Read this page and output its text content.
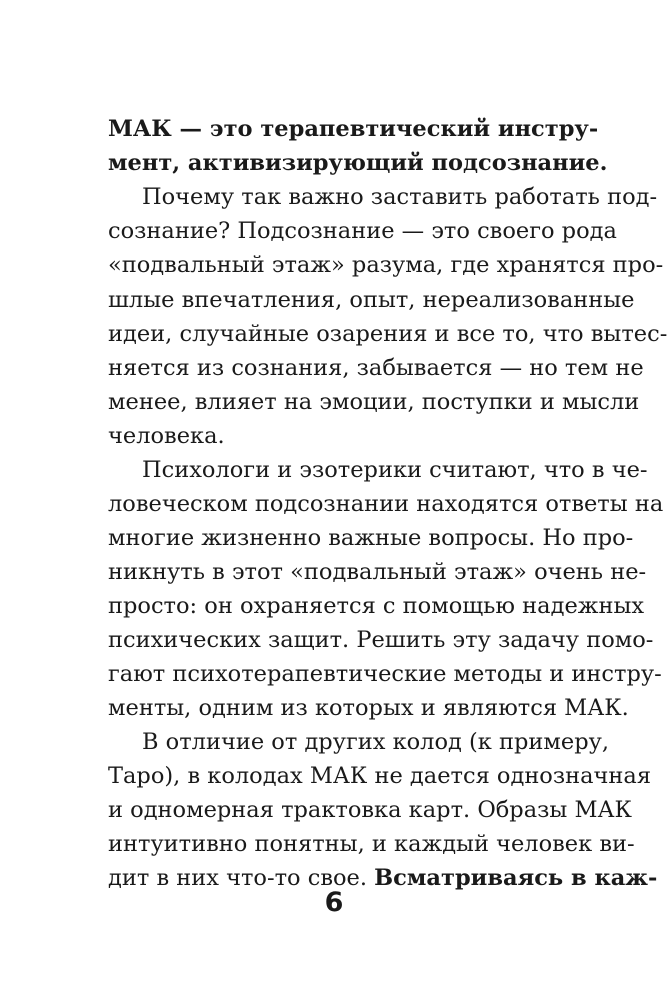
МАК — это терапевтический инстру-
мент, активизирующий подсознание.
Почему так важно заставить работать под-
сознание? Подсознание — это своего рода
«подвальный этаж» разума, где хранятся про-
шлые впечатления, опыт, нереализованные
идеи, случайные озарения и все то, что вытес-
няется из сознания, забывается — но тем не
менее, влияет на эмоции, поступки и мысли
человека.
Психологи и эзотерики считают, что в че-
ловеческом подсознании находятся ответы на
многие жизненно важные вопросы. Но про-
никнуть в этот «подвальный этаж» очень не-
просто: он охраняется с помощью надежных
психических защит. Решить эту задачу помо-
гают психотерапевтические методы и инстру-
менты, одним из которых и являются МАК.
В отличие от других колод (к примеру,
Таро), в колодах МАК не дается однозначная
и одномерная трактовка карт. Образы МАК
интуитивно понятны, и каждый человек ви-
дит в них что-то свое. Всматриваясь в каж-
6
